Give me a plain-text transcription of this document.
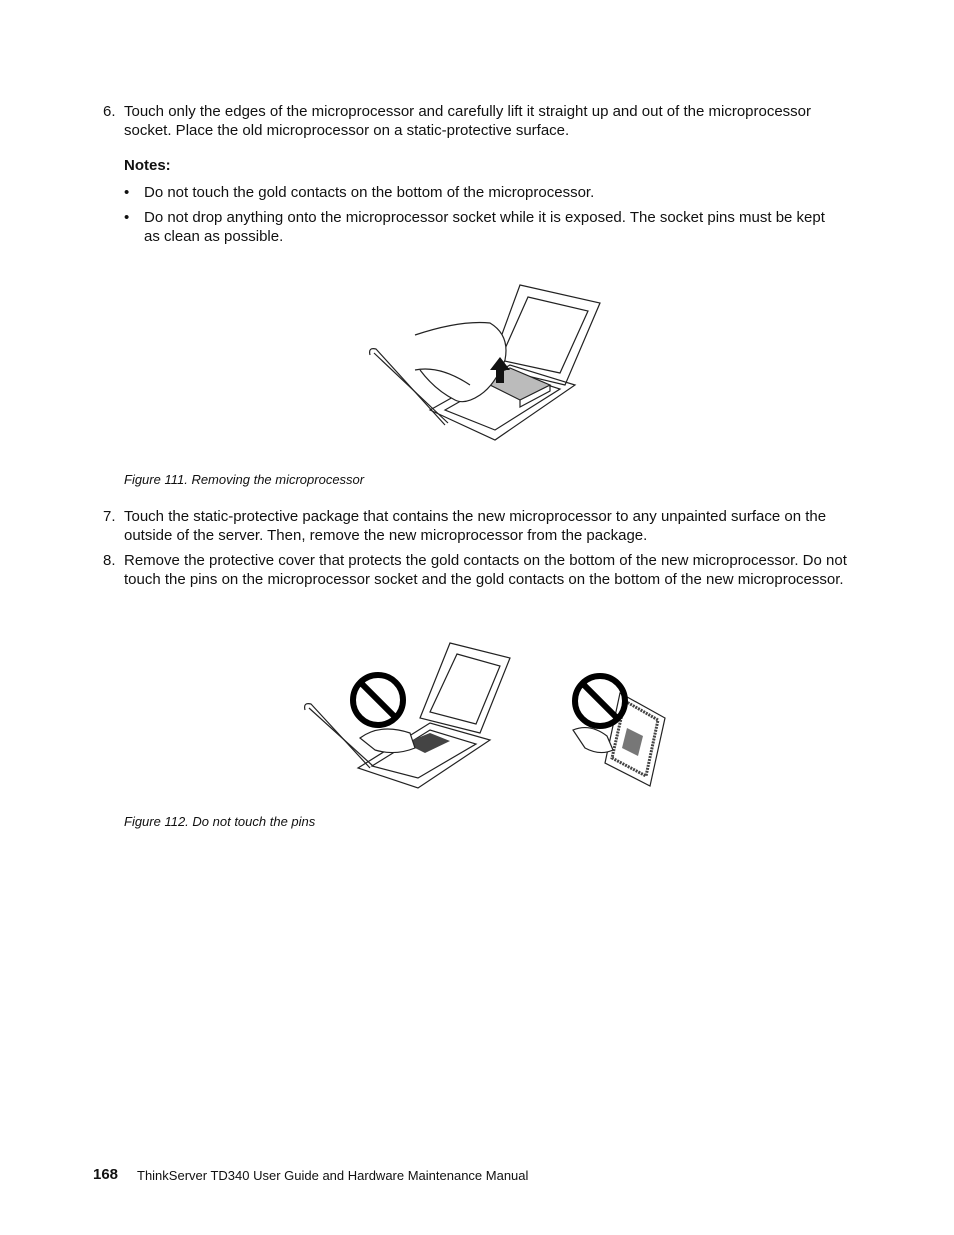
6. Touch only the edges of the microprocessor and carefully lift it straight up and out of the microprocessor socket. Place the old microprocessor on a static-protective surface.
Notes:
• Do not touch the gold contacts on the bottom of the microprocessor.
• Do not drop anything onto the microprocessor socket while it is exposed. The socket pins must be kept as clean as possible.
Figure 111. Removing the microprocessor
7. Touch the static-protective package that contains the new microprocessor to any unpainted surface on the outside of the server. Then, remove the new microprocessor from the package.
8. Remove the protective cover that protects the gold contacts on the bottom of the new microprocessor. Do not touch the pins on the microprocessor socket and the gold contacts on the bottom of the new microprocessor.
Figure 112. Do not touch the pins
168 ThinkServer TD340 User Guide and Hardware Maintenance Manual
